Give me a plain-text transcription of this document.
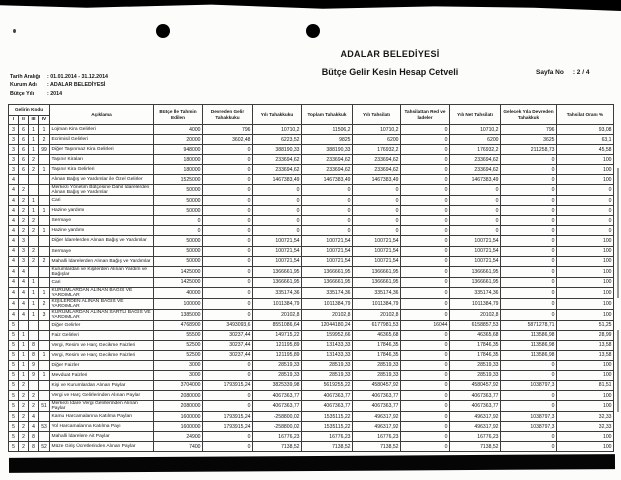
ADALAR BELEDİYESİ
Bütçe Gelir Kesin Hesap Cetveli	Sayfa No : 2 / 4
Tarih Aralığı	: 01.01.2014 - 31.12.2014
Kurum Adı	: ADALAR BELEDİYESİ
Bütçe Yılı	: 2014
Gelirin Kodu				Açıklama	Bütçe İle Tahmin Edilen	Devreden Gelir Tahakkuku	Yılı Tahakkuku	Toplam Tahakkuk	Yılı Tahsilatı	Tahsilattan Red ve İadeler	Yılı Net Tahsilatı	Gelecek Yıla Devreden Tahakkuk	Tahsilat Oranı %
I	II	III	IV										
3	6	1	1	Lojman Kira Gelirleri	4000	796	10710,2	11506,2	10710,2	0	10710,2	796	93,08
3	6	1	2	Ecrimisil Gelirleri	20000	3602,48	6223,52	9825	6200	0	6200	3625	63,1
3	6	1	99	Diğer Taşınmaz Kira Gelirleri	948000	0	388190,33	388190,33	176932,2	0	176932,2	211258,73	45,58
3	6	2		Taşınır Kiraları	180000	0	233694,62	233694,62	233694,62	0	233694,62	0	100
3	6	2	1	Taşınır Kira Gelirleri	180000	0	233694,62	233694,62	233694,62	0	233694,62	0	100
4				Alınan Bağış ve Yardımlar ile Özel Gelirler	1525000	0	1467383,49	1467383,49	1467383,49	0	1467383,49	0	100
4	2			Merkezi Yönetim Bütçesine Dahil İdarelerden Alınan Bağış ve Yardımlar	50000	0	0	0	0	0	0	0	0
4	2	1		Cari	50000	0	0	0	0	0	0	0	0
4	2	1	1	Hazine yardımı	50000	0	0	0	0	0	0	0	0
4	2	2		Sermaye	0	0	0	0	0	0	0	0	0
4	2	2	1	Hazine yardımı	0	0	0	0	0	0	0	0	0
4	3			Diğer İdarelerden Alınan Bağış ve Yardımlar	50000	0	100721,54	100721,54	100721,54	0	100721,54	0	100
4	3	2		Sermaye	50000	0	100721,54	100721,54	100721,54	0	100721,54	0	100
4	3	2	2	Mahalli İdarelerden Alınan Bağış ve Yardımlar	50000	0	100721,54	100721,54	100721,54	0	100721,54	0	100
4	4			Kurumlardan ve Kişilerden Alınan Yardım ve Bağışlar	1425000	0	1366661,95	1366661,95	1366661,95	0	1366661,95	0	100
4	4	1		Cari	1425000	0	1366661,95	1366661,95	1366661,95	0	1366661,95	0	100
4	4	1	1	KURUMLARDAN ALINAN BAGIS VE YARDIMLAR	40000	0	335174,36	335174,36	335174,36	0	335174,36	0	100
4	4	1	2	KİŞİLERDEN ALINAN BAGIS VE YARDIMLAR	100000	0	1011384,79	1011384,79	1011384,79	0	1011384,79	0	100
4	4	1	3	KURUMLARDAN ALINAN SARTLI BAGIS VE YARDIMLAR	1385000	0	20102,8	20102,8	20102,8	0	20102,8	0	100
5				Diğer Gelirler	4768900	3493093,6	8551086,64	12044180,24	6177981,53	16044	6158857,53	5871278,71	51,25
5	1			Faiz Gelirleri	55500	30237,44	149715,22	159952,66	46365,68	0	46365,68	113586,98	28,99
5	1	8		Vergi, Resim ve Harç Gecikme Faizleri	52500	30237,44	121195,89	131433,33	17846,35	0	17846,35	113586,98	13,58
5	1	8	1	Vergi, Resim ve Harç Gecikme Faizleri	52500	30237,44	121195,89	131433,33	17846,35	0	17846,35	113586,98	13,58
5	1	9		Diğer Faizler	3000	0	28519,33	28519,33	28519,33	0	28519,33	0	100
5	1	9	1	Mevduat Faizleri	3000	0	28519,33	28519,33	28519,33	0	28519,33	0	100
5	2			Kişi ve Kurumlardan Alınan Paylar	3704000	1793915,24	3825339,98	5619255,22	4580457,92	0	4580457,92	1038797,3	81,51
5	2	2		Vergi ve Harç Gelirlerinden Alınan Paylar	2080000	0	4067363,77	4067363,77	4067363,77	0	4067363,77	0	100
5	2	2	51	Merkezi İdare Vergi Gelirlerinden Alınan Paylar	2080000	0	4067363,77	4067363,77	4067363,77	0	4067363,77	0	100
5	2	4		Kamu Harcamalarına Katılma Payları	1600000	1793915,24	-258800,02	1535115,22	496317,92	0	496317,92	1038797,3	32,33
5	2	4	53	Yol Harcamalarına Katılma Payı	1600000	1793915,24	-258800,02	1535115,22	496317,92	0	496317,92	1038797,3	32,33
5	2	8		Mahalli İdarelere Ait Paylar	24900	0	16776,23	16776,23	16776,23	0	16776,23	0	100
5	2	8	52	Müze Giriş Ücretlerinden Alınan Paylar	7400	0	7138,52	7138,52	7138,52	0	7138,52	0	100
